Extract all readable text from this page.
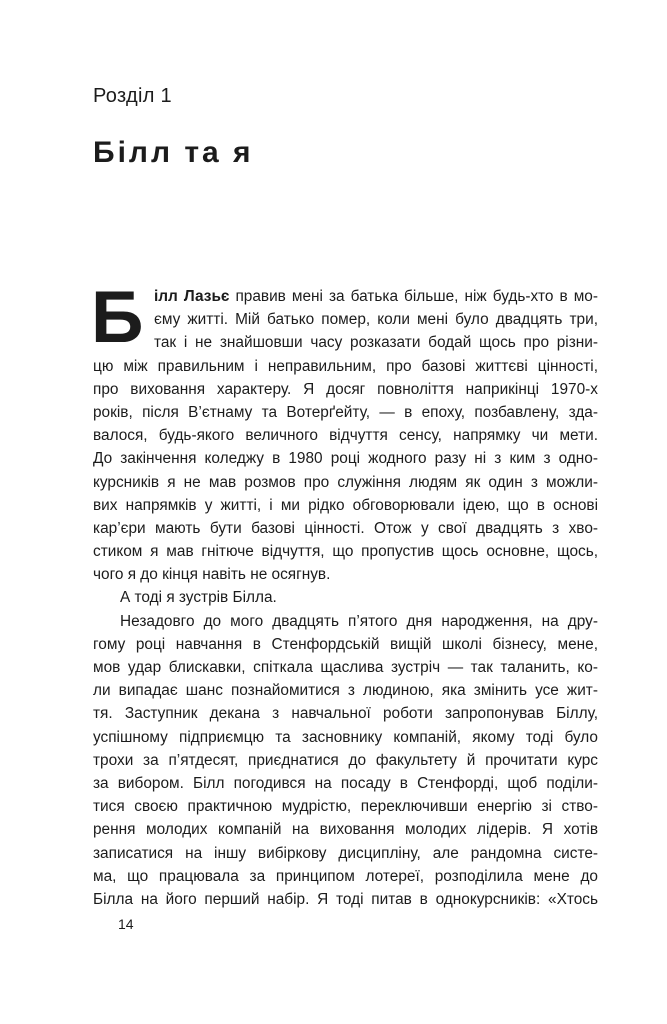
Розділ 1
Білл та я

Б ілл Лазьє правив мені за батька більше, ніж будь-хто в мо-
єму житті. Мій батько помер, коли мені було двадцять три,
так і не знайшовши часу розказати бодай щось про різни-
цю між правильним і неправильним, про базові життєві цінності,
про виховання характеру. Я досяг повноліття наприкінці 1970-х
років, після В’єтнаму та Вотерґейту, — в епоху, позбавлену, зда-
валося, будь-якого величного відчуття сенсу, напрямку чи мети.
До закінчення коледжу в 1980 році жодного разу ні з ким з одно-
курсників я не мав розмов про служіння людям як один з можли-
вих напрямків у житті, і ми рідко обговорювали ідею, що в основі
кар’єри мають бути базові цінності. Отож у свої двадцять з хво-
стиком я мав гнітюче відчуття, що пропустив щось основне, щось,
чого я до кінця навіть не осягнув.

А тоді я зустрів Білла.

Незадовго до мого двадцять п’ятого дня народження, на дру-
гому році навчання в Стенфордській вищій школі бізнесу, мене,
мов удар блискавки, спіткала щаслива зустріч — так таланить, ко-
ли випадає шанс познайомитися з людиною, яка змінить усе жит-
тя. Заступник декана з навчальної роботи запропонував Біллу,
успішному підприємцю та засновнику компаній, якому тоді було
трохи за п’ятдесят, приєднатися до факультету й прочитати курс
за вибором. Білл погодився на посаду в Стенфорді, щоб поділи-
тися своєю практичною мудрістю, переключивши енергію зі ство-
рення молодих компаній на виховання молодих лідерів. Я хотів
записатися на іншу вибіркову дисципліну, але рандомна систе-
ма, що працювала за принципом лотереї, розподілила мене до
Білла на його перший набір. Я тоді питав в однокурсників: «Хтось

14
